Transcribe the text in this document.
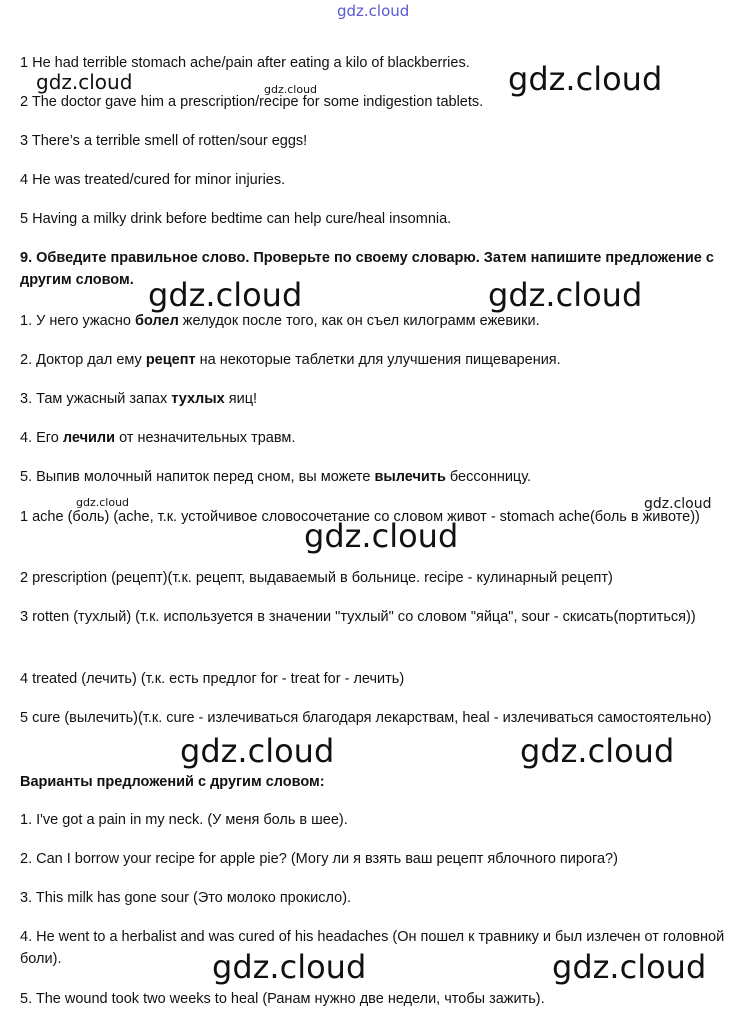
gdz.cloud
gdz.cloud	gdz.cloud	gdz.cloud
gdz.cloud	gdz.cloud
gdz.cloud	gdz.cloud
gdz.cloud
gdz.cloud	gdz.cloud
gdz.cloud	gdz.cloud
1 He had terrible stomach ache/pain after eating a kilo of blackberries.
2 The doctor gave him a prescription/recipe for some indigestion tablets.
3 There’s a terrible smell of rotten/sour eggs!
4 He was treated/cured for minor injuries.
5 Having a milky drink before bedtime can help cure/heal insomnia.
9. Обведите правильное слово. Проверьте по своему словарю. Затем напишите предложение с другим словом.
1. У него ужасно болел желудок после того, как он съел килограмм ежевики.
2. Доктор дал ему рецепт на некоторые таблетки для улучшения пищеварения.
3. Там ужасный запах тухлых яиц!
4. Его лечили от незначительных травм.
5. Выпив молочный напиток перед сном, вы можете вылечить бессонницу.
1 ache (боль) (ache, т.к. устойчивое словосочетание со словом живот - stomach ache(боль в животе))
2 prescription (рецепт)(т.к. рецепт, выдаваемый в больнице. recipe - кулинарный рецепт)
3 rotten (тухлый) (т.к. используется в значении "тухлый" со словом "яйца", sour - скисать(портиться))
4 treated (лечить) (т.к. есть предлог for - treat for - лечить)
5 cure (вылечить)(т.к. cure - излечиваться благодаря лекарствам, heal - излечиваться самостоятельно)
Варианты предложений с другим словом:
1. I've got a pain in my neck. (У меня боль в шее).
2. Can I borrow your recipe for apple pie? (Могу ли я взять ваш рецепт яблочного пирога?)
3. This milk has gone sour (Это молоко прокисло).
4. He went to a herbalist and was cured of his headaches (Он пошел к травнику и был излечен от головной боли).
5. The wound took two weeks to heal (Ранам нужно две недели, чтобы зажить).
